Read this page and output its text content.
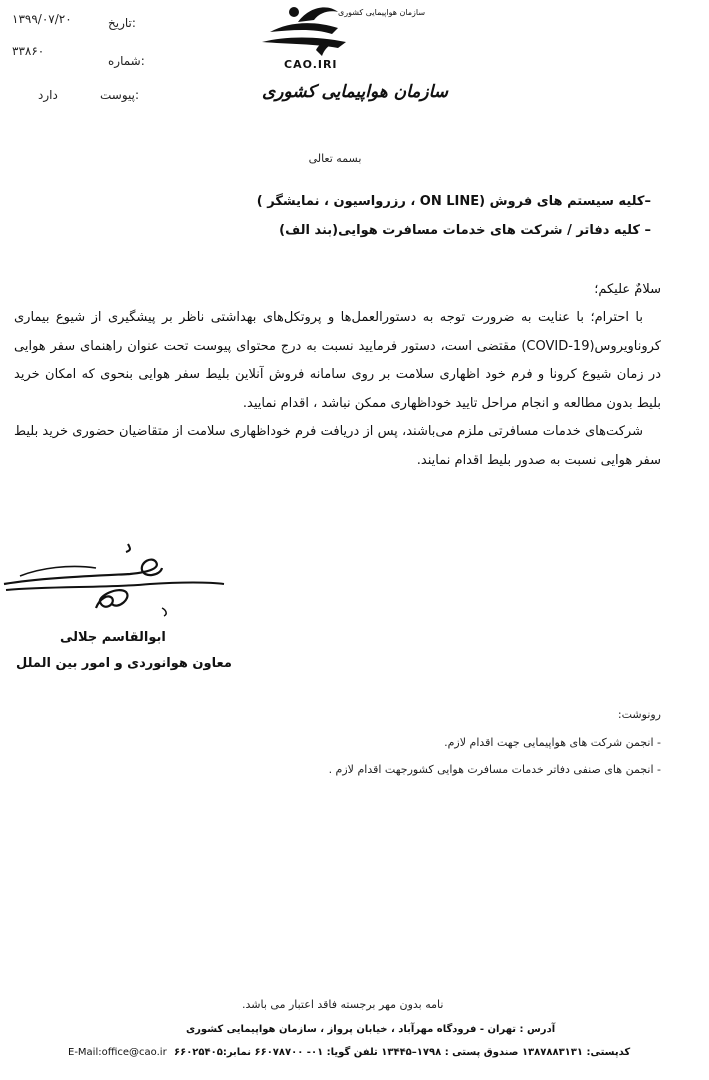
۱۳۹۹/۰۷/۲۰	تاریخ:
۳۳۸۶۰
شماره:
دارد	پیوست:
سازمان هواپیمایی کشوری
CAO.IRI
سازمان هواپیمایی کشوری
بسمه تعالی
–کلیه سیستم های فروش (ON LINE ، رزرواسیون ، نمایشگر )
– کلیه دفاتر / شرکت های خدمات مسافرت هوایی(بند الف)
سلامٌ علیکم؛

با احترام؛ با عنایت به ضرورت توجه به دستورالعمل‌ها و پروتکل‌های بهداشتی ناظر بر پیشگیری از شیوع بیماری کروناویروس(COVID-19) مقتضی است، دستور فرمایید نسبت به درج محتوای پیوست تحت عنوان راهنمای سفر هوایی در زمان شیوع کرونا و فرم خود اظهاری سلامت بر روی سامانه فروش آنلاین بلیط سفر هوایی بنحوی که امکان خرید بلیط بدون مطالعه و انجام مراحل تایید خوداظهاری ممکن نباشد ، اقدام نمایید.

شرکت‌های خدمات مسافرتی ملزم می‌باشند، پس از دریافت فرم خوداظهاری سلامت از متقاضیان حضوری خرید بلیط سفر هوایی نسبت به صدور بلیط اقدام نمایند.

ابوالقاسم جلالی
معاون هوانوردی و امور بین الملل
رونوشت:
- انجمن شرکت های هواپیمایی جهت اقدام لازم.
- انجمن های صنفی دفاتر خدمات مسافرت هوایی کشورجهت اقدام لازم .
نامه بدون مهر برجسته فاقد اعتبار می باشد.
آدرس : تهران - فرودگاه مهرآباد ، خیابان پرواز ، سازمان هواپیمایی کشوری
کدپستی: ۱۳۸۷۸۸۳۱۳۱ صندوق پستی : ۱۷۹۸–۱۳۴۴۵ تلفن گویا: ۰۱- ۶۶۰۷۸۷۰۰ نمابر:۶۶۰۲۵۴۰۵
E-Mail:office@cao.ir
